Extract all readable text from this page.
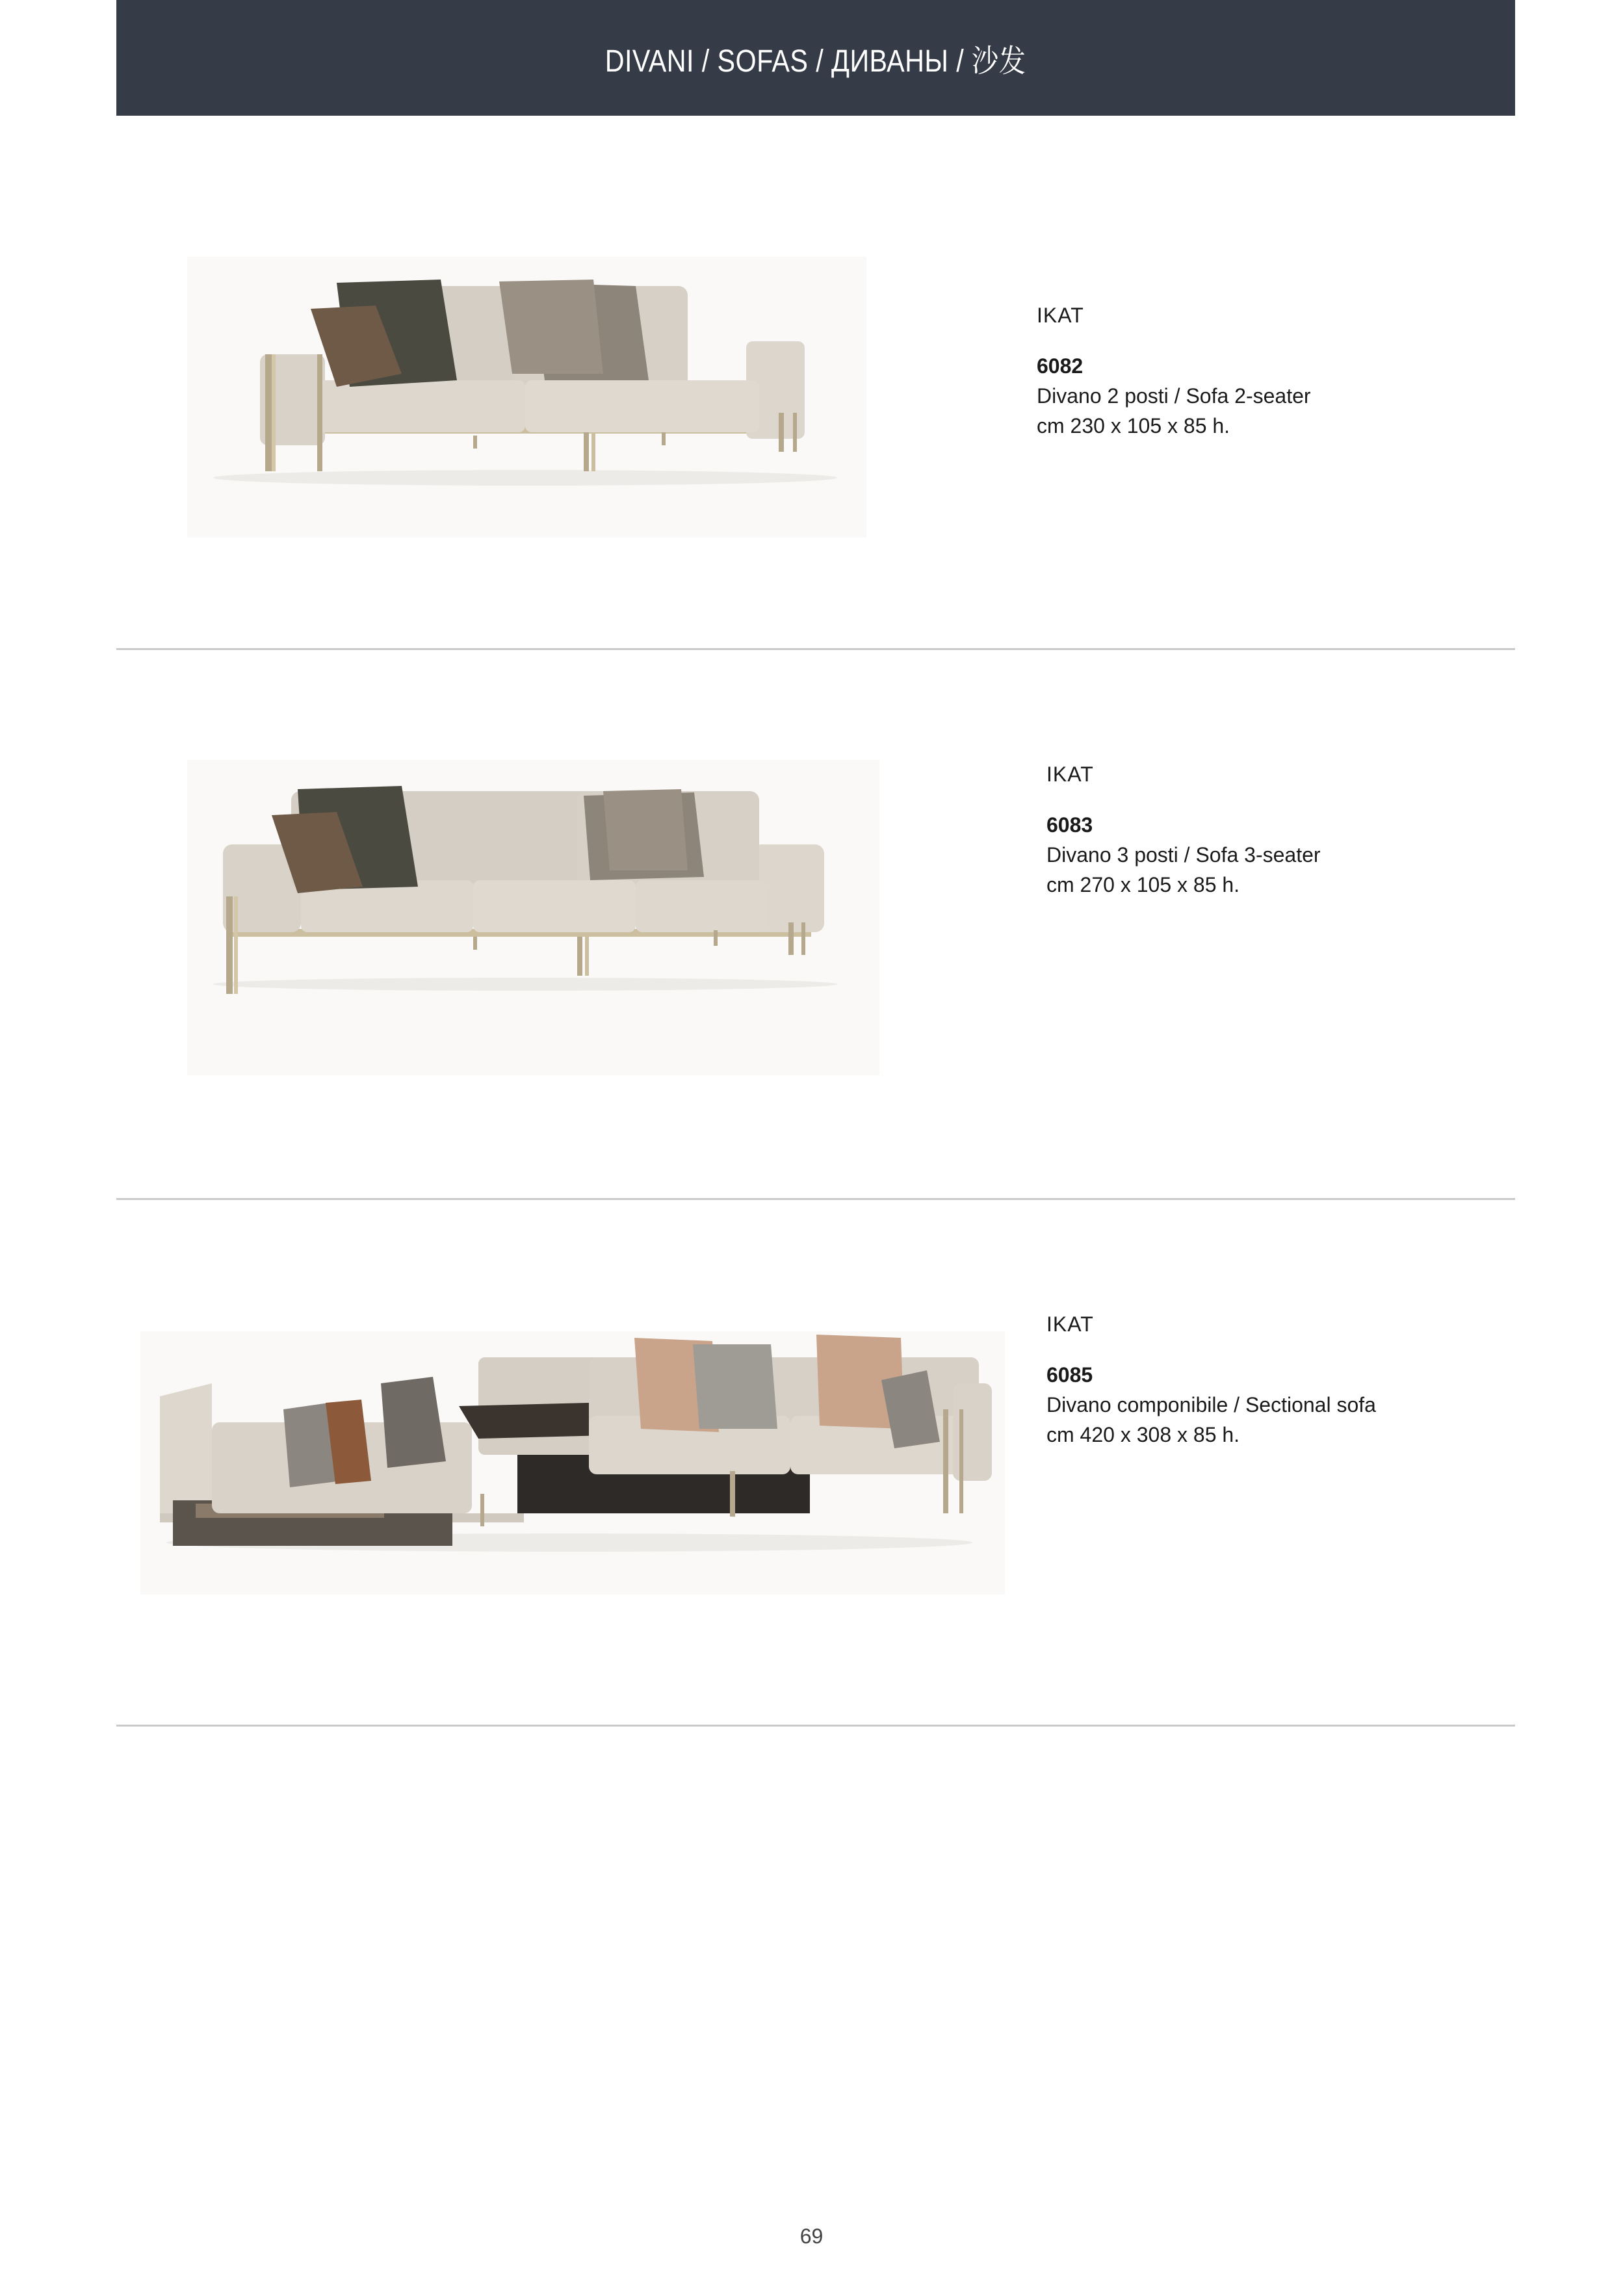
DIVANI / SOFAS / ДИВАНЫ / 沙发
IKAT
6082
Divano 2 posti / Sofa 2-seater
cm 230 x 105 x 85 h.
IKAT
6083
Divano 3 posti / Sofa 3-seater
cm 270 x 105 x 85 h.
IKAT
6085
Divano componibile / Sectional sofa
cm 420 x 308 x 85 h.
69
